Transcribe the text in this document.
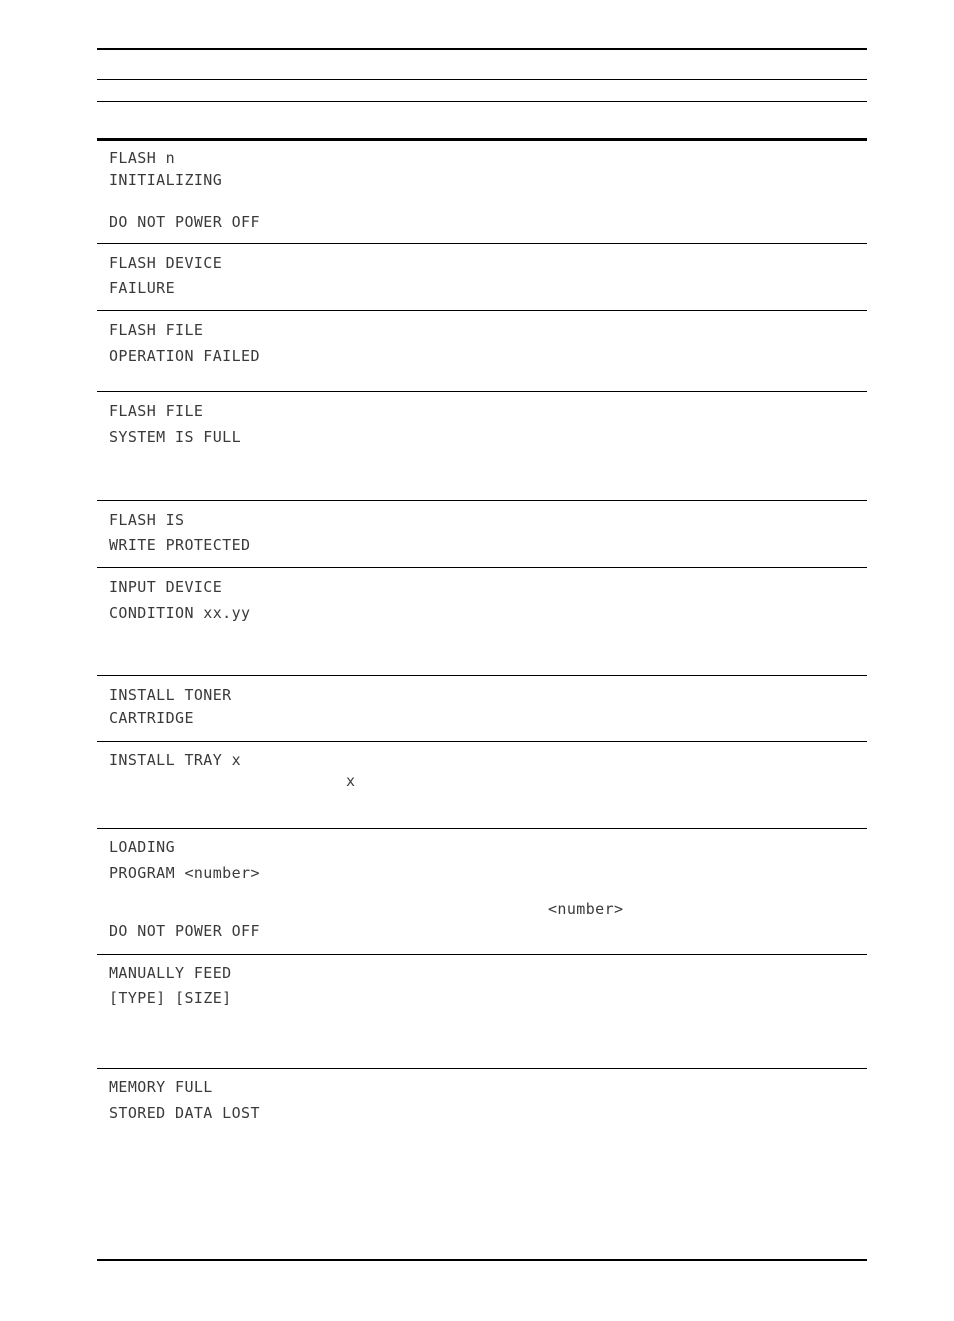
FLASH n
INITIALIZING
DO NOT POWER OFF
FLASH DEVICE
FAILURE
FLASH FILE
OPERATION FAILED
FLASH FILE
SYSTEM IS FULL
FLASH IS
WRITE PROTECTED
INPUT DEVICE
CONDITION xx.yy
INSTALL TONER
CARTRIDGE
INSTALL TRAY x
x
LOADING
PROGRAM <number>
<number>
DO NOT POWER OFF
MANUALLY FEED
[TYPE] [SIZE]
MEMORY FULL
STORED DATA LOST
